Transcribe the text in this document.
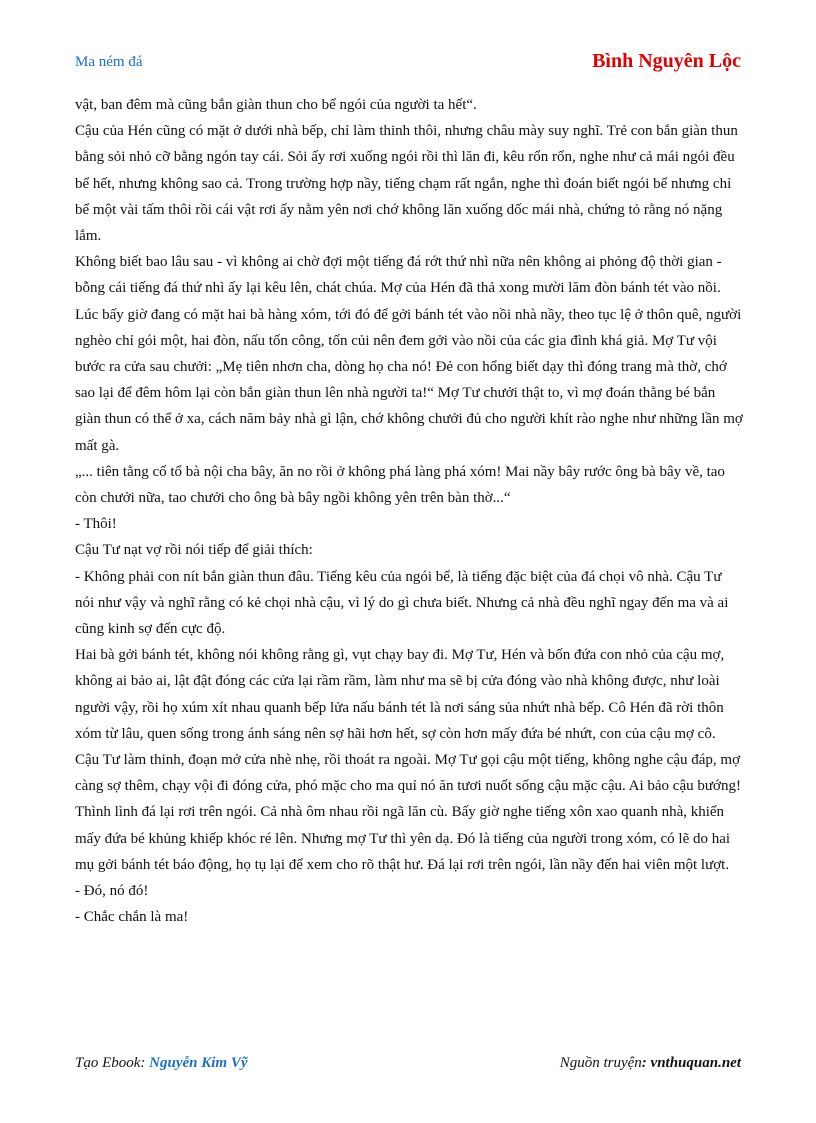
Ma ném đá	Bình Nguyên Lộc

vật, ban đêm mà cũng bắn giàn thun cho bể ngói của người ta hết“.

Cậu của Hén cũng có mặt ở dưới nhà bếp, chỉ làm thinh thôi, nhưng châu mày suy nghĩ. Trẻ con bắn giàn thun bằng sỏi nhỏ cỡ bằng ngón tay cái. Sỏi ấy rơi xuống ngói rồi thì lăn đi, kêu rổn rổn, nghe như cả mái ngói đều bể hết, nhưng không sao cả. Trong trường hợp nầy, tiếng chạm rất ngắn, nghe thì đoán biết ngói bể nhưng chỉ bể một vài tấm thôi rồi cái vật rơi ấy nằm yên nơi chớ không lăn xuống dốc mái nhà, chứng tỏ rằng nó nặng lắm.

Không biết bao lâu sau - vì không ai chờ đợi một tiếng đá rớt thứ nhì nữa nên không ai phỏng độ thời gian - bỗng cái tiếng đá thứ nhì ấy lại kêu lên, chát chúa. Mợ của Hén đã thả xong mười lăm đòn bánh tét vào nồi. Lúc bấy giờ đang có mặt hai bà hàng xóm, tới đó để gởi bánh tét vào nồi nhà nầy, theo tục lệ ở thôn quê, người nghèo chỉ gói một, hai đòn, nấu tốn công, tốn củi nên đem gởi vào nồi của các gia đình khá giả. Mợ Tư vội bước ra cửa sau chưởi: „Mẹ tiên nhơn cha, dòng họ cha nó! Đẻ con hổng biết dạy thì đóng trang mà thờ, chớ sao lại để đêm hôm lại còn bắn giàn thun lên nhà người ta!“ Mợ Tư chưởi thật to, vì mợ đoán thằng bé bắn giàn thun có thể ở xa, cách năm bảy nhà gì lận, chớ không chưởi đủ cho người khít rào nghe như những lần mợ mất gà.

„... tiên tằng cố tổ bà nội cha bây, ăn no rồi ở không phá làng phá xóm! Mai nầy bây rước ông bà bây về, tao còn chưởi nữa, tao chưởi cho ông bà bây ngồi không yên trên bàn thờ...“

- Thôi!

Cậu Tư nạt vợ rồi nói tiếp để giải thích:

- Không phải con nít bắn giàn thun đâu. Tiếng kêu của ngói bể, là tiếng đặc biệt của đá chọi vô nhà. Cậu Tư nói như vậy và nghĩ rằng có kẻ chọi nhà cậu, vì lý do gì chưa biết. Nhưng cả nhà đều nghĩ ngay đến ma và ai cũng kinh sợ đến cực độ.

Hai bà gởi bánh tét, không nói không rằng gì, vụt chạy bay đi. Mợ Tư, Hén và bốn đứa con nhỏ của cậu mợ, không ai bảo ai, lật đật đóng các cửa lại rầm rầm, làm như ma sẽ bị cửa đóng vào nhà không được, như loài người vậy, rồi họ xúm xít nhau quanh bếp lửa nấu bánh tét là nơi sáng sủa nhứt nhà bếp. Cô Hén đã rời thôn xóm từ lâu, quen sống trong ánh sáng nên sợ hãi hơn hết, sợ còn hơn mấy đứa bé nhứt, con của cậu mợ cô. Cậu Tư làm thinh, đoạn mở cửa nhè nhẹ, rồi thoát ra ngoài. Mợ Tư gọi cậu một tiếng, không nghe cậu đáp, mợ càng sợ thêm, chạy vội đi đóng cửa, phó mặc cho ma quỉ nó ăn tươi nuốt sống cậu mặc cậu. Ai bảo cậu bướng!

Thình lình đá lại rơi trên ngói. Cả nhà ôm nhau rồi ngã lăn cù. Bấy giờ nghe tiếng xôn xao quanh nhà, khiến mấy đứa bé khủng khiếp khóc ré lên. Nhưng mợ Tư thì yên dạ. Đó là tiếng của người trong xóm, có lẽ do hai mụ gởi bánh tét báo động, họ tụ lại để xem cho rõ thật hư. Đá lại rơi trên ngói, lần nầy đến hai viên một lượt.

- Đó, nó đó!

- Chắc chắn là ma!

Tạo Ebook: Nguyễn Kim Vỹ	Nguồn truyện: vnthuquan.net
